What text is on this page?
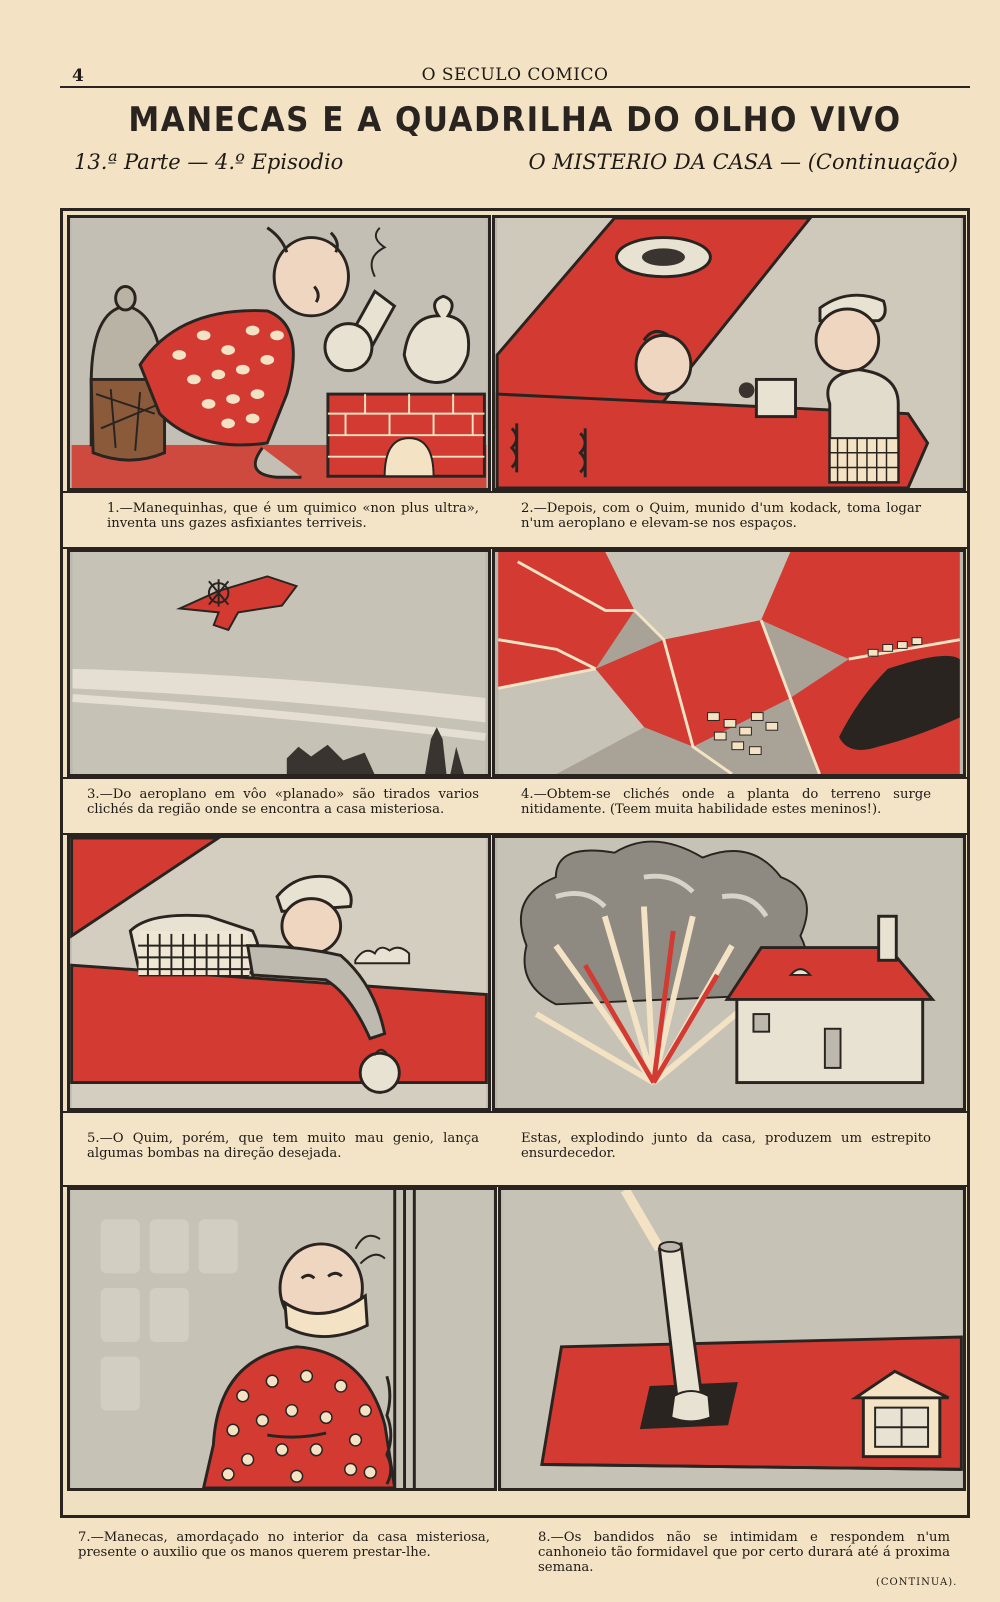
4	O SECULO COMICO
MANECAS E A QUADRILHA DO OLHO VIVO
13.ª Parte — 4.º Episodio	O MISTERIO DA CASA — (Continuação)
1.—Manequinhas, que é um quimico «non plus ultra», inventa uns gazes asfixiantes terriveis.
2.—Depois, com o Quim, munido d'um kodack, toma logar n'um aeroplano e elevam-se nos espaços.
3.—Do aeroplano em vôo «planado» são tirados varios clichés da região onde se encontra a casa misteriosa.
4.—Obtem-se clichés onde a planta do terreno surge nitidamente. (Teem muita habilidade estes meninos!).
5.—O Quim, porém, que tem muito mau genio, lança algumas bombas na direção desejada.
Estas, explodindo junto da casa, produzem um estrepito ensurdecedor.
7.—Manecas, amordaçado no interior da casa misteriosa, presente o auxilio que os manos querem prestar-lhe.
8.—Os bandidos não se intimidam e respondem n'um canhoneio tão formidavel que por certo durará até á proxima semana.
(CONTINUA).
